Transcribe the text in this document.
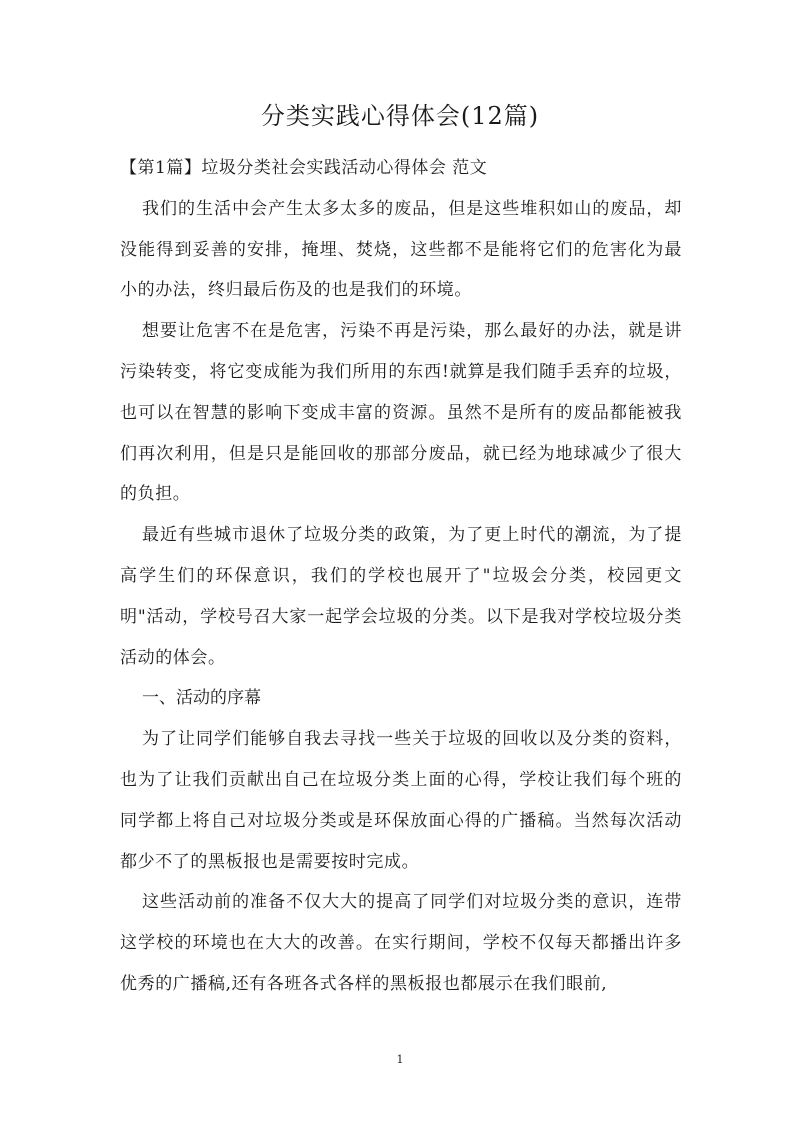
分类实践心得体会(12篇)

【第1篇】垃圾分类社会实践活动心得体会 范文

我们的生活中会产生太多太多的废品，但是这些堆积如山的废品，却没能得到妥善的安排，掩埋、焚烧，这些都不是能将它们的危害化为最小的办法，终归最后伤及的也是我们的环境。

想要让危害不在是危害，污染不再是污染，那么最好的办法，就是讲污染转变，将它变成能为我们所用的东西!就算是我们随手丢弃的垃圾，也可以在智慧的影响下变成丰富的资源。虽然不是所有的废品都能被我们再次利用，但是只是能回收的那部分废品，就已经为地球减少了很大的负担。

最近有些城市退休了垃圾分类的政策，为了更上时代的潮流，为了提高学生们的环保意识，我们的学校也展开了"垃圾会分类，校园更文明"活动，学校号召大家一起学会垃圾的分类。以下是我对学校垃圾分类活动的体会。

一、活动的序幕

为了让同学们能够自我去寻找一些关于垃圾的回收以及分类的资料，也为了让我们贡献出自己在垃圾分类上面的心得，学校让我们每个班的同学都上将自己对垃圾分类或是环保放面心得的广播稿。当然每次活动都少不了的黑板报也是需要按时完成。

这些活动前的准备不仅大大的提高了同学们对垃圾分类的意识，连带这学校的环境也在大大的改善。在实行期间，学校不仅每天都播出许多优秀的广播稿,还有各班各式各样的黑板报也都展示在我们眼前,

1
